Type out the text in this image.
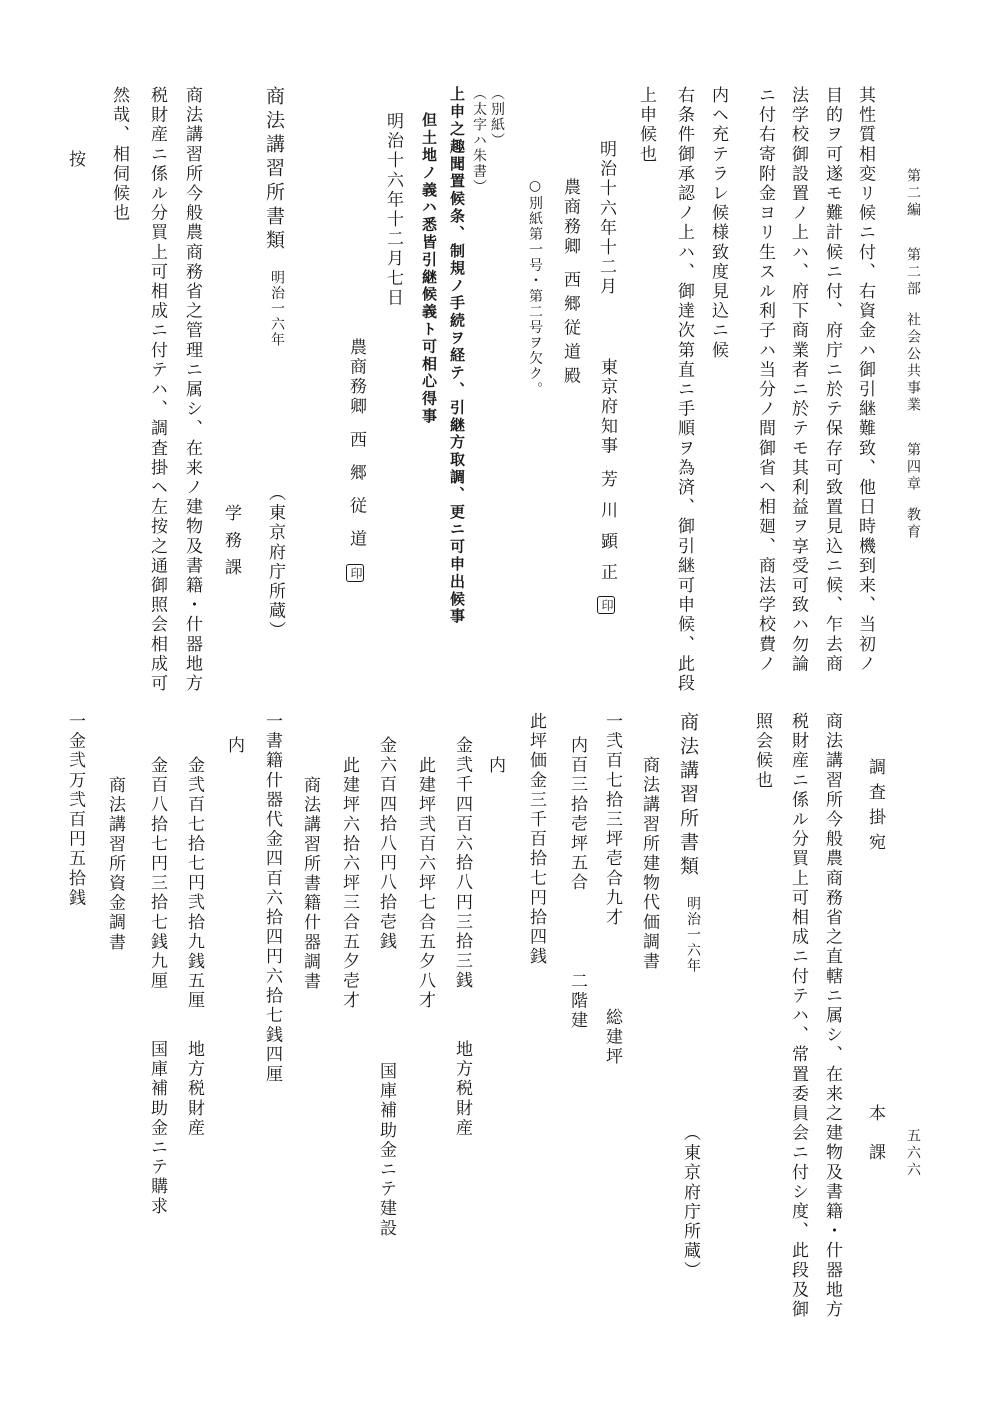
第二編第二部社会公共事業第四章教育
五六六
其性質相変リ候ニ付、右資金ハ御引継難致、他日時機到来、当初ノ
目的ヲ可遂モ難計候ニ付、府庁ニ於テ保存可致置見込ニ候、乍去商
法学校御設置ノ上ハ、府下商業者ニ於テモ其利益ヲ享受可致ハ勿論
ニ付右寄附金ヨリ生スル利子ハ当分ノ間御省ヘ相廻、商法学校費ノ
内ヘ充テラレ候様致度見込ニ候
右条件御承認ノ上ハ、御達次第直ニ手順ヲ為済、御引継可申候、此段
上申候也
明治十六年十二月
東京府知事芳川顕正印
農商務卿西郷従道殿
○別紙第一号・第二号ヲ欠ク。
（別紙）
（太字ハ朱書）
上申之趣聞置候条、制規ノ手続ヲ経テ、引継方取調、更ニ可申出候事
但土地ノ義ハ悉皆引継候義ト可相心得事
明治十六年十二月七日
農商務卿西郷従道印
商法講習所書類
明治一六年
（東京府庁所蔵）
学務課
商法講習所今般農商務省之管理ニ属シ、在来ノ建物及書籍・什器地方
税財産ニ係ル分買上可相成ニ付テハ、調査掛ヘ左按之通御照会相成可
然哉、相伺候也
按
調査掛宛
本課
商法講習所今般農商務省之直轄ニ属シ、在来之建物及書籍・什器地方
税財産ニ係ル分買上可相成ニ付テハ、常置委員会ニ付シ度、此段及御
照会候也
商法講習所書類
明治一六年
（東京府庁所蔵）
商法講習所建物代価調書
一弐百七拾三坪壱合九才
総建坪
内百三拾壱坪五合
二階建
此坪価金三千百拾七円拾四銭
内
金弐千四百六拾八円三拾三銭
地方税財産
此建坪弐百六坪七合五夕八才
金六百四拾八円八拾壱銭
国庫補助金ニテ建設
此建坪六拾六坪三合五夕壱才
商法講習所書籍什器調書
一書籍什器代金四百六拾四円六拾七銭四厘
内
金弐百七拾七円弐拾九銭五厘
地方税財産
金百八拾七円三拾七銭九厘
国庫補助金ニテ購求
商法講習所資金調書
一金弐万弐百円五拾銭
